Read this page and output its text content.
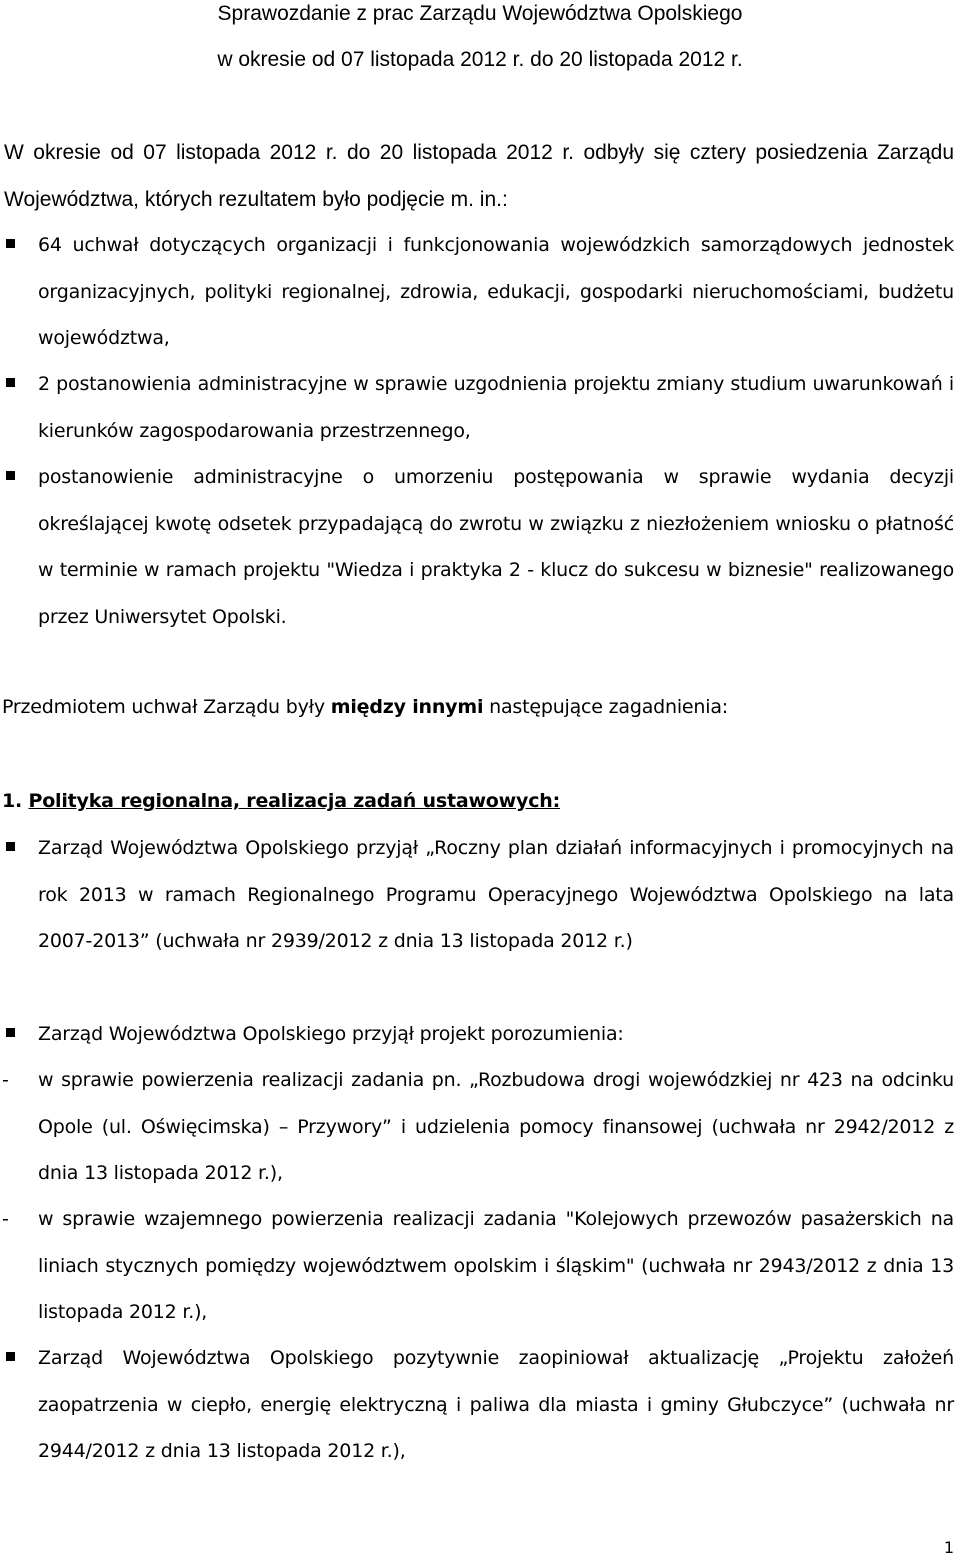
Sprawozdanie z prac Zarządu Województwa Opolskiego
w okresie od 07 listopada 2012 r. do 20 listopada 2012 r.
W okresie od 07 listopada 2012 r. do 20 listopada 2012 r. odbyły się cztery posiedzenia Zarządu Województwa, których rezultatem było podjęcie m. in.:
64 uchwał dotyczących organizacji i funkcjonowania wojewódzkich samorządowych jednostek organizacyjnych, polityki regionalnej, zdrowia, edukacji, gospodarki nieruchomościami, budżetu województwa,
2 postanowienia administracyjne w sprawie uzgodnienia projektu zmiany studium uwarunkowań i kierunków zagospodarowania przestrzennego,
postanowienie administracyjne o umorzeniu postępowania w sprawie wydania decyzji określającej kwotę odsetek przypadającą do zwrotu w związku z niezłożeniem wniosku o płatność w terminie w ramach projektu "Wiedza i praktyka 2 - klucz do sukcesu w biznesie" realizowanego przez Uniwersytet Opolski.
Przedmiotem uchwał Zarządu były między innymi następujące zagadnienia:
1. Polityka regionalna, realizacja zadań ustawowych:
Zarząd Województwa Opolskiego przyjął „Roczny plan działań informacyjnych i promocyjnych na rok 2013 w ramach Regionalnego Programu Operacyjnego Województwa Opolskiego na lata 2007-2013” (uchwała nr 2939/2012 z dnia 13 listopada 2012 r.)
Zarząd Województwa Opolskiego przyjął projekt porozumienia:
- w sprawie powierzenia realizacji zadania pn. „Rozbudowa drogi wojewódzkiej nr 423 na odcinku Opole (ul. Oświęcimska) – Przywory” i udzielenia pomocy finansowej (uchwała nr 2942/2012 z dnia 13 listopada 2012 r.),
- w sprawie wzajemnego powierzenia realizacji zadania "Kolejowych przewozów pasażerskich na liniach stycznych pomiędzy województwem opolskim i śląskim" (uchwała nr 2943/2012 z dnia 13 listopada 2012 r.),
Zarząd Województwa Opolskiego pozytywnie zaopiniował aktualizację „Projektu założeń zaopatrzenia w ciepło, energię elektryczną i paliwa dla miasta i gminy Głubczyce” (uchwała nr 2944/2012 z dnia 13 listopada 2012 r.),
1
